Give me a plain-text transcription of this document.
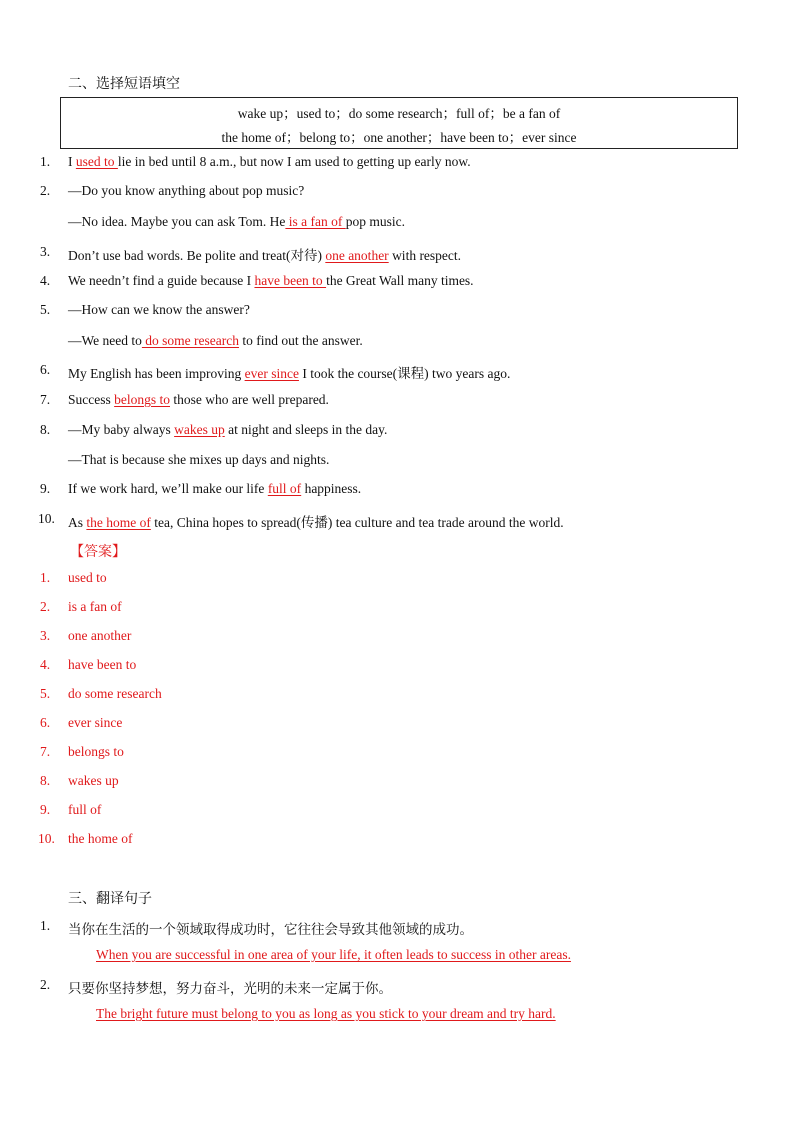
二、选择短语填空
wake up；used to；do some research；full of；be a fan of
the home of；belong to；one another；have been to；ever since
1. I used to lie in bed until 8 a.m., but now I am used to getting up early now.
2. —Do you know anything about pop music?
—No idea. Maybe you can ask Tom. He is a fan of pop music.
3. Don’t use bad words. Be polite and treat(对待) one another with respect.
4. We needn’t find a guide because I have been to the Great Wall many times.
5. —How can we know the answer?
—We need to do some research to find out the answer.
6. My English has been improving ever since I took the course(课程) two years ago.
7. Success belongs to those who are well prepared.
8. —My baby always wakes up at night and sleeps in the day.
—That is because she mixes up days and nights.
9. If we work hard, we’ll make our life full of happiness.
10. As the home of tea, China hopes to spread(传播) tea culture and tea trade around the world.
【答案】
1. used to
2. is a fan of
3. one another
4. have been to
5. do some research
6. ever since
7. belongs to
8. wakes up
9. full of
10. the home of
三、翻译句子
1. 当你在生活的一个领域取得成功时，它往往会导致其他领域的成功。
When you are successful in one area of your life, it often leads to success in other areas.
2. 只要你坚持梦想，努力奋斗，光明的未来一定属于你。
The bright future must belong to you as long as you stick to your dream and try hard.
